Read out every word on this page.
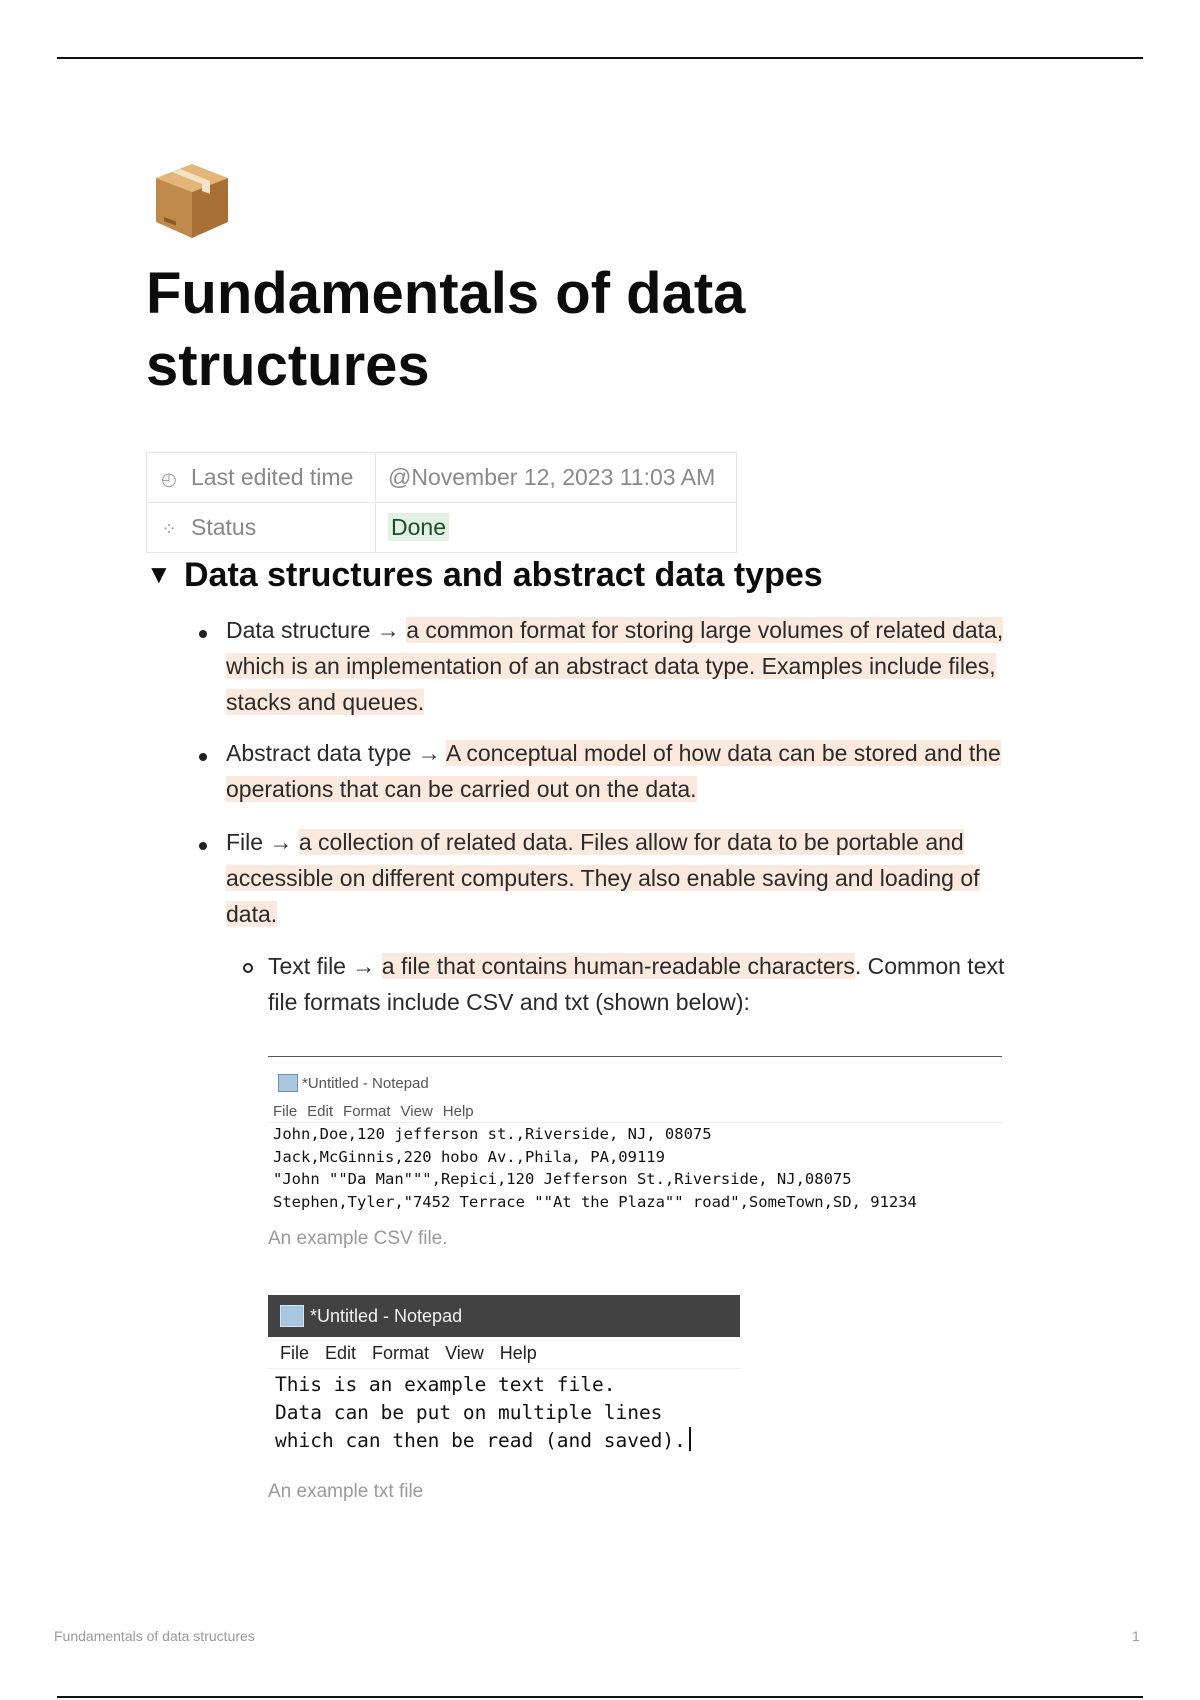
Fundamentals of data structures
◴ Last edited time	@November 12, 2023 11:03 AM
⁘ Status	Done
▼ Data structures and abstract data types
Data structure → a common format for storing large volumes of related data,
which is an implementation of an abstract data type. Examples include files,
stacks and queues.
Abstract data type → A conceptual model of how data can be stored and the
operations that can be carried out on the data.
File → a collection of related data. Files allow for data to be portable and
accessible on different computers. They also enable saving and loading of
data.
Text file → a file that contains human-readable characters. Common text
file formats include CSV and txt (shown below):
*Untitled - Notepad
File Edit Format View Help
John,Doe,120 jefferson st.,Riverside, NJ, 08075
Jack,McGinnis,220 hobo Av.,Phila, PA,09119
"John ""Da Man""",Repici,120 Jefferson St.,Riverside, NJ,08075
Stephen,Tyler,"7452 Terrace ""At the Plaza"" road",SomeTown,SD, 91234
An example CSV file.
*Untitled - Notepad
File Edit Format View Help
This is an example text file.
Data can be put on multiple lines
which can then be read (and saved).
An example txt file
Fundamentals of data structures	1
